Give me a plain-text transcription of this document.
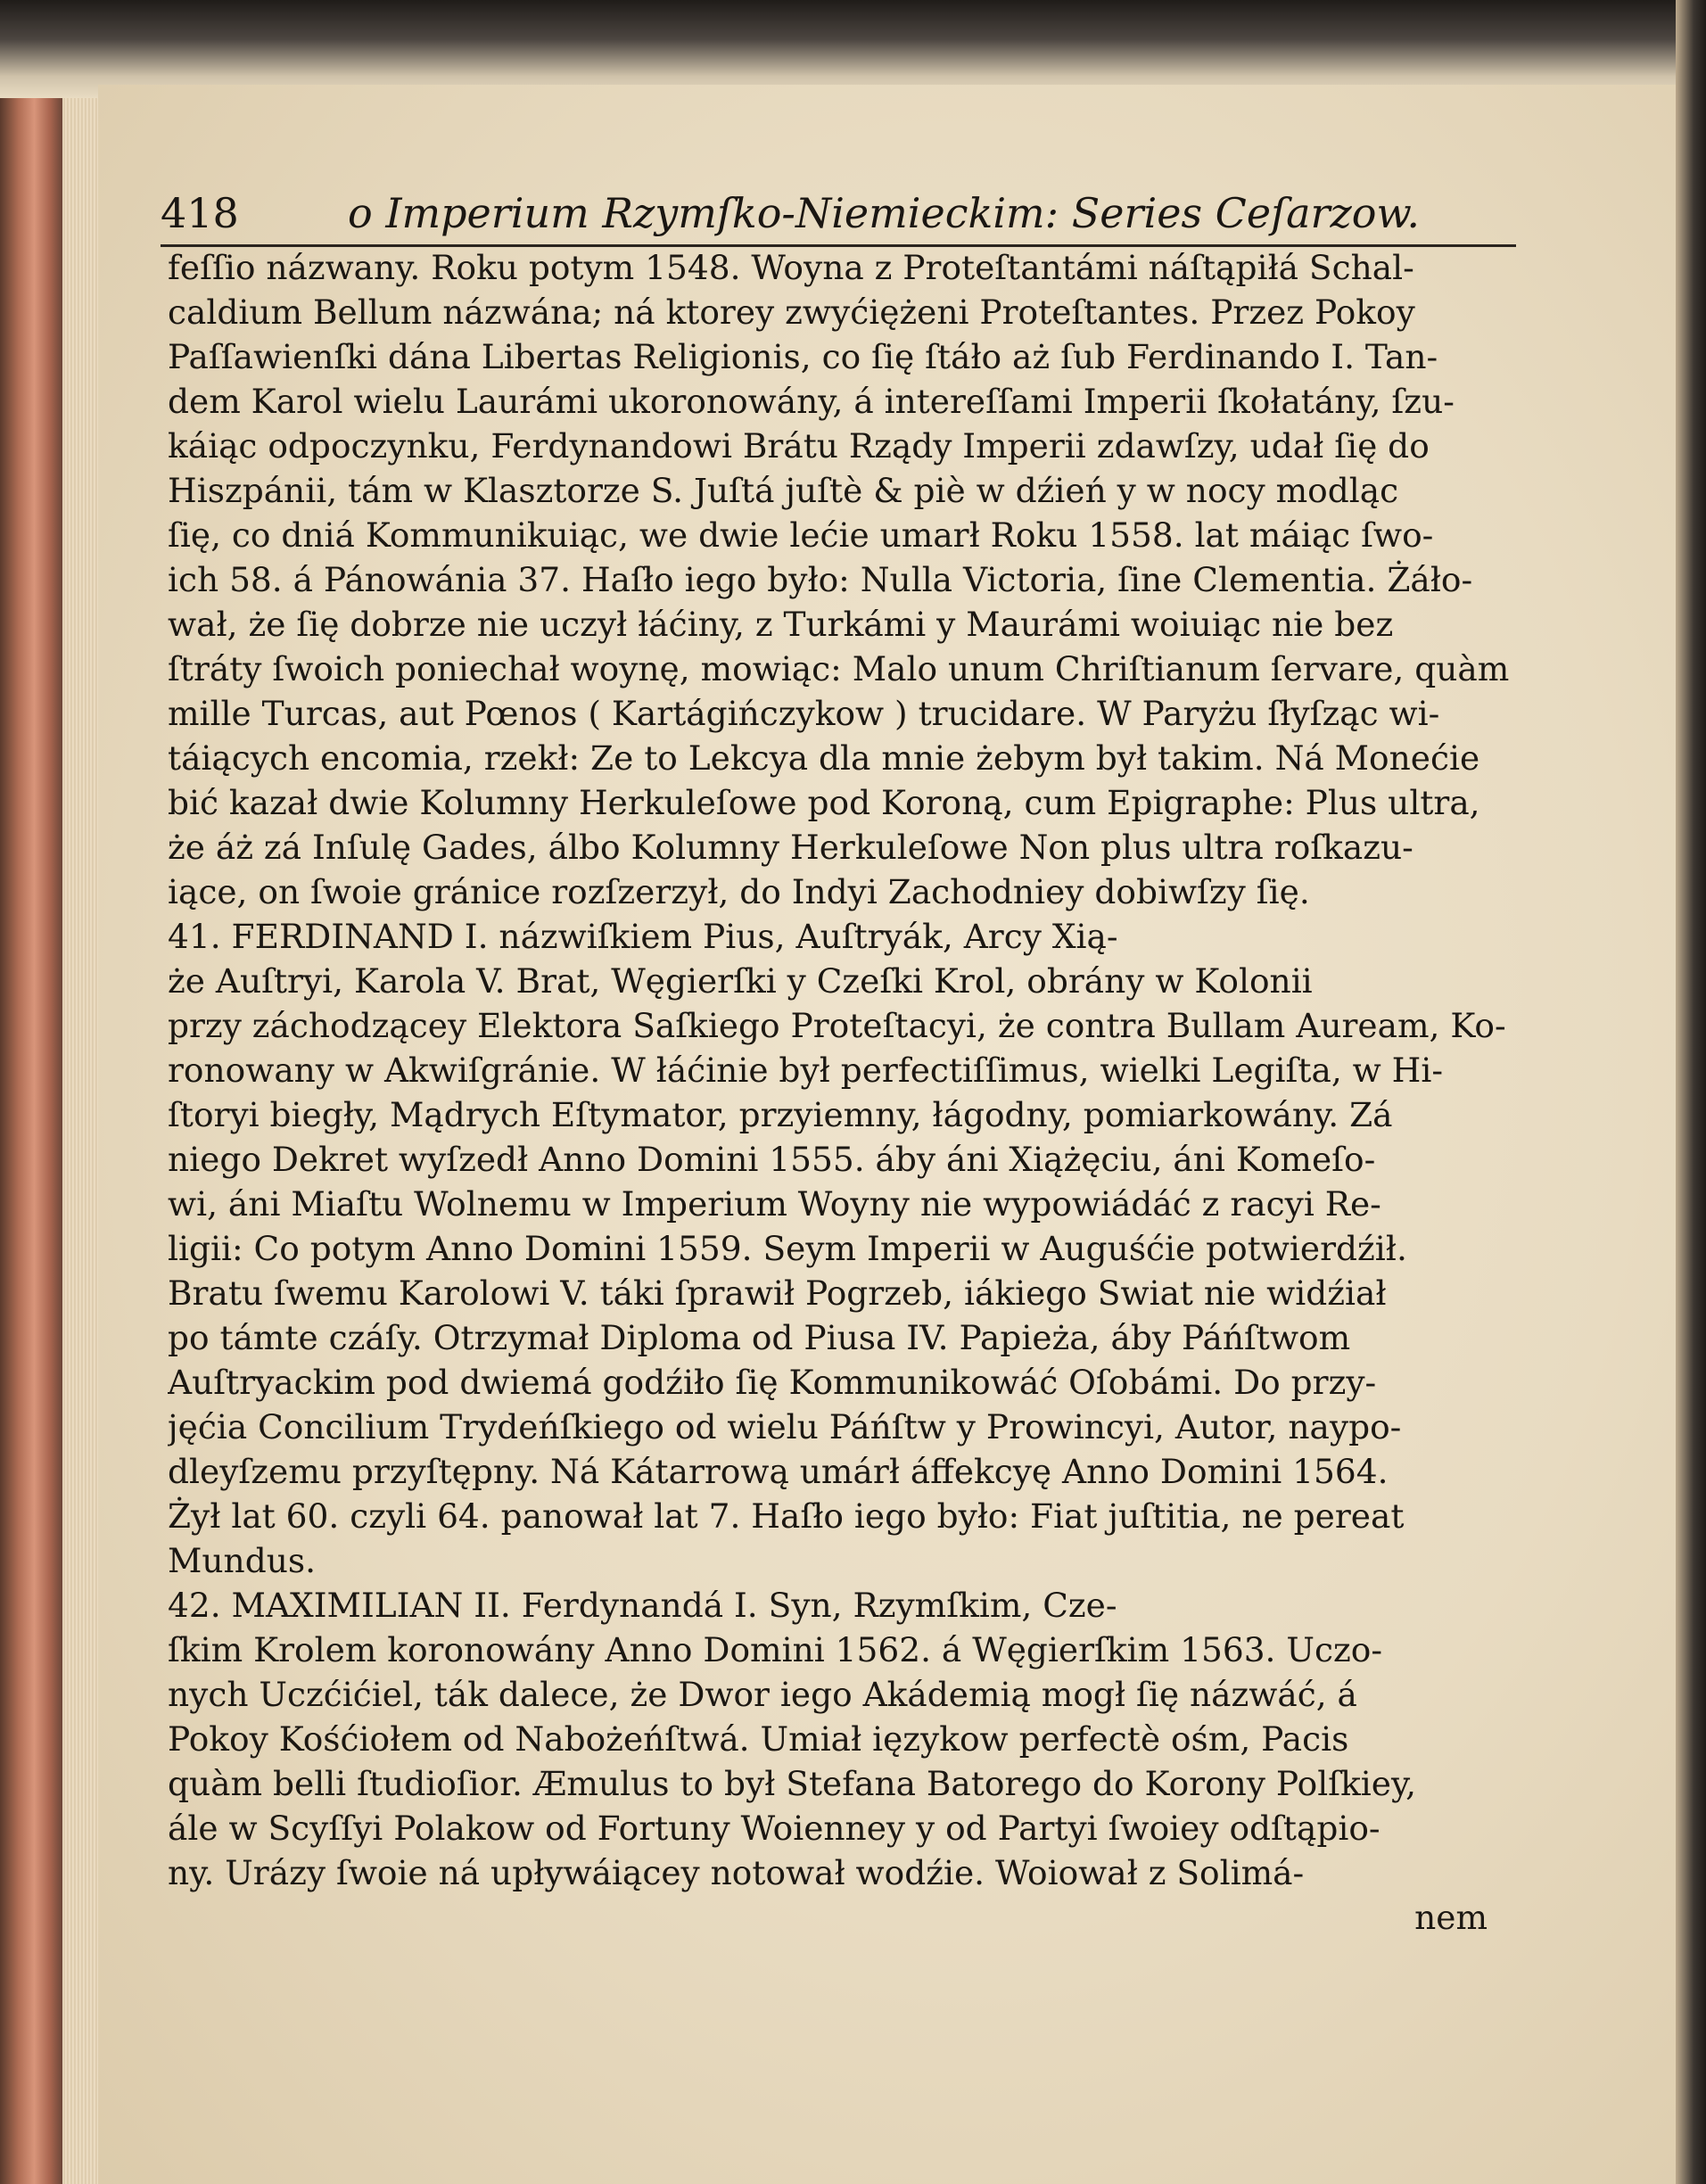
418	o Imperium Rzymſko-Niemieckim: Series Ceſarzow.
feſſio názwany. Roku potym 1548. Woyna z Proteſtantámi náſtąpiłá Schal-
caldium Bellum názwána; ná ktorey zwyćiężeni Proteſtantes. Przez Pokoy
Paſſawienſki dána Libertas Religionis, co ſię ſtáło aż ſub Ferdinando I. Tan-
dem Karol wielu Laurámi ukoronowány, á intereſſami Imperii ſkołatány, ſzu-
káiąc odpoczynku, Ferdynandowi Brátu Rządy Imperii zdawſzy, udał ſię do
Hiszpánii, tám w Klasztorze S. Juſtá juſtè & piè w dźień y w nocy modląc
ſię, co dniá Kommunikuiąc, we dwie lećie umarł Roku 1558. lat máiąc ſwo-
ich 58. á Pánowánia 37. Haſło iego było: Nulla Victoria, ſine Clementia. Żáło-
wał, że ſię dobrze nie uczył łáćiny, z Turkámi y Maurámi woiuiąc nie bez
ſtráty ſwoich poniechał woynę, mowiąc: Malo unum Chriſtianum ſervare, quàm
mille Turcas, aut Pœnos ( Kartágińczykow ) trucidare. W Paryżu ſłyſząc wi-
táiących encomia, rzekł: Ze to Lekcya dla mnie żebym był takim. Ná Monećie
bić kazał dwie Kolumny Herkuleſowe pod Koroną, cum Epigraphe: Plus ultra,
że áż zá Inſulę Gades, álbo Kolumny Herkuleſowe Non plus ultra roſkazu-
iące, on ſwoie gránice rozſzerzył, do Indyi Zachodniey dobiwſzy ſię.
41. FERDINAND I. názwiſkiem Pius, Auſtryák, Arcy Xią-
że Auſtryi, Karola V. Brat, Węgierſki y Czeſki Krol, obrány w Kolonii
przy záchodzącey Elektora Saſkiego Proteſtacyi, że contra Bullam Auream, Ko-
ronowany w Akwiſgránie. W łáćinie był perfectiſſimus, wielki Legiſta, w Hi-
ſtoryi biegły, Mądrych Eſtymator, przyiemny, łágodny, pomiarkowány. Zá
niego Dekret wyſzedł Anno Domini 1555. áby áni Xiążęciu, áni Komeſo-
wi, áni Miaſtu Wolnemu w Imperium Woyny nie wypowiádáć z racyi Re-
ligii: Co potym Anno Domini 1559. Seym Imperii w Auguśćie potwierdźił.
Bratu ſwemu Karolowi V. táki ſprawił Pogrzeb, iákiego Swiat nie widźiał
po támte czáſy. Otrzymał Diploma od Piusa IV. Papieża, áby Páńſtwom
Auſtryackim pod dwiemá godźiło ſię Kommunikowáć Oſobámi. Do przy-
jęćia Concilium Trydeńſkiego od wielu Páńſtw y Prowincyi, Autor, naypo-
dleyſzemu przyſtępny. Ná Kátarrową umárł áffekcyę Anno Domini 1564.
Żył lat 60. czyli 64. panował lat 7. Haſło iego było: Fiat juſtitia, ne pereat
Mundus.
42. MAXIMILIAN II. Ferdynandá I. Syn, Rzymſkim, Cze-
ſkim Krolem koronowány Anno Domini 1562. á Węgierſkim 1563. Uczo-
nych Uczćićiel, ták dalece, że Dwor iego Akádemią mogł ſię názwáć, á
Pokoy Kośćiołem od Nabożeńſtwá. Umiał ięzykow perfectè ośm, Pacis
quàm belli ſtudioſior. Æmulus to był Stefana Batorego do Korony Polſkiey,
ále w Scyſſyi Polakow od Fortuny Woienney y od Partyi ſwoiey odſtąpio-
ny. Urázy ſwoie ná upływáiącey notował wodźie. Woiował z Solimá-
nem
